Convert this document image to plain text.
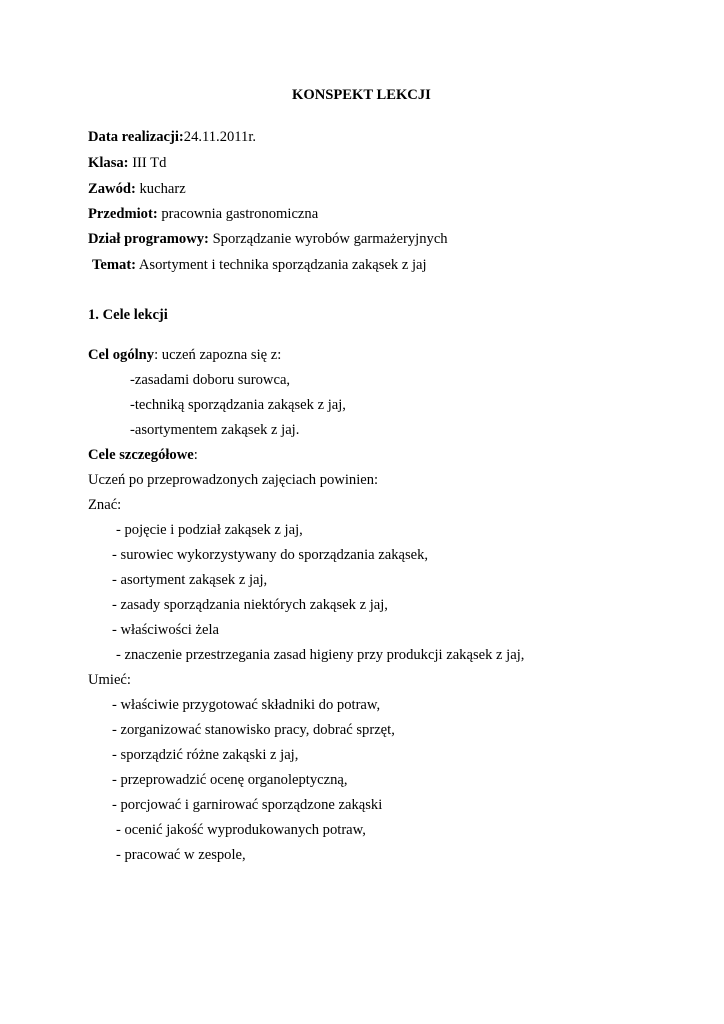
KONSPEKT LEKCJI
Data realizacji:24.11.2011r.
Klasa: III Td
Zawód: kucharz
Przedmiot: pracownia gastronomiczna
Dział programowy: Sporządzanie wyrobów garmażeryjnych
Temat: Asortyment i technika sporządzania zakąsek z jaj
1. Cele lekcji
Cel ogólny: uczeń zapozna się z:
-zasadami doboru surowca,
-techniką sporządzania zakąsek z jaj,
-asortymentem zakąsek z jaj.
Cele szczegółowe:
Uczeń po przeprowadzonych zajęciach powinien:
Znać:
- pojęcie i podział zakąsek z jaj,
- surowiec wykorzystywany do sporządzania zakąsek,
- asortyment zakąsek z jaj,
- zasady sporządzania niektórych zakąsek z jaj,
- właściwości żela
- znaczenie przestrzegania zasad higieny przy produkcji zakąsek z jaj,
Umieć:
- właściwie przygotować składniki do potraw,
- zorganizować stanowisko pracy, dobrać sprzęt,
- sporządzić różne zakąski z jaj,
- przeprowadzić ocenę organoleptyczną,
- porcjować i garnirować sporządzone zakąski
- ocenić jakość wyprodukowanych potraw,
- pracować w zespole,
